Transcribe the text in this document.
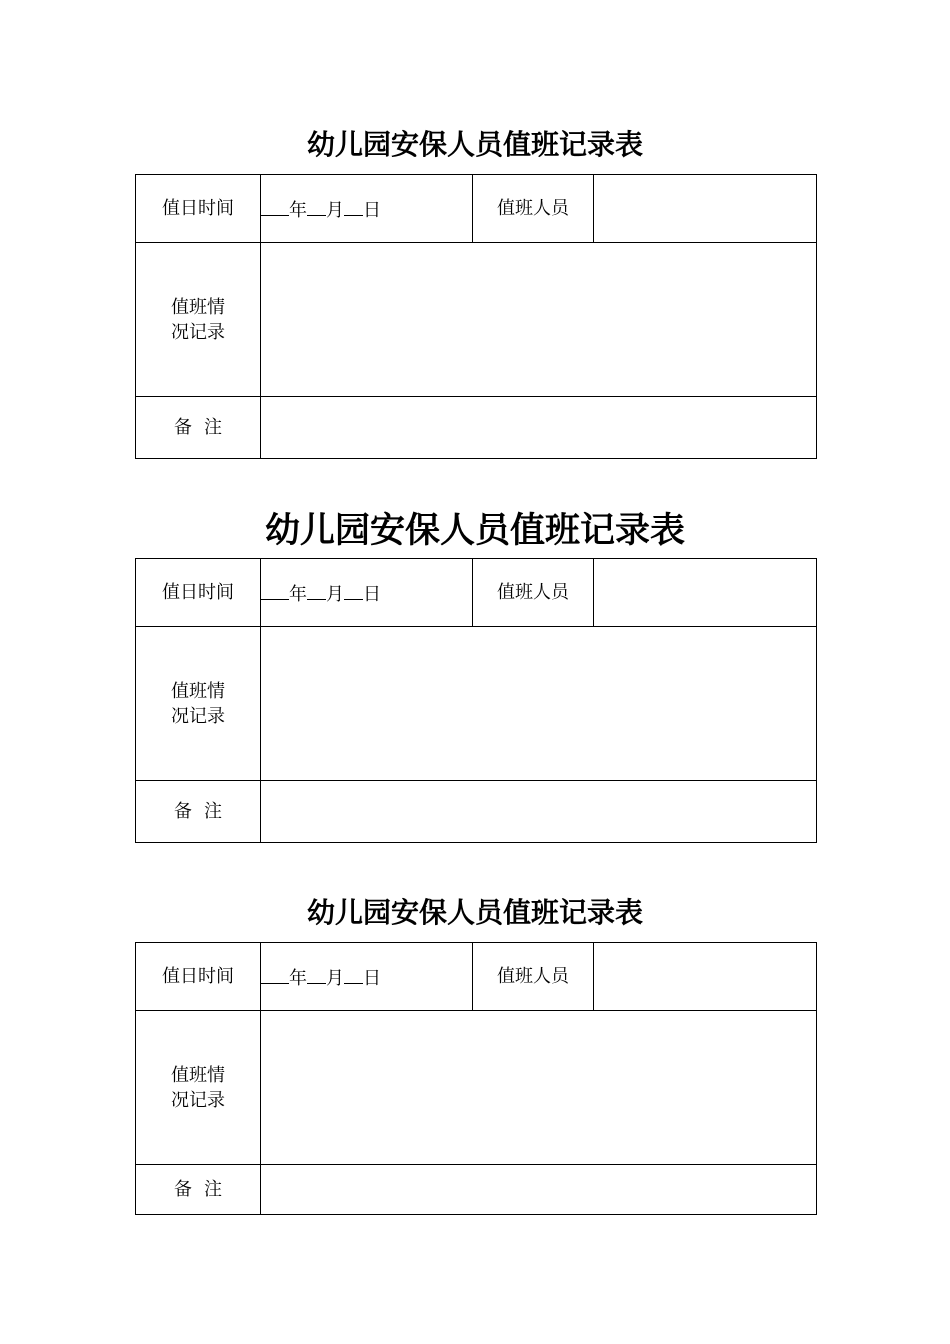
幼儿园安保人员值班记录表
值日时间	年 月 日	值班人员	

值班情
况记录			

备注			
幼儿园安保人员值班记录表
值日时间	年 月 日	值班人员	

值班情
况记录			

备注			
幼儿园安保人员值班记录表
值日时间	年 月 日	值班人员	

值班情
况记录			

备注			
